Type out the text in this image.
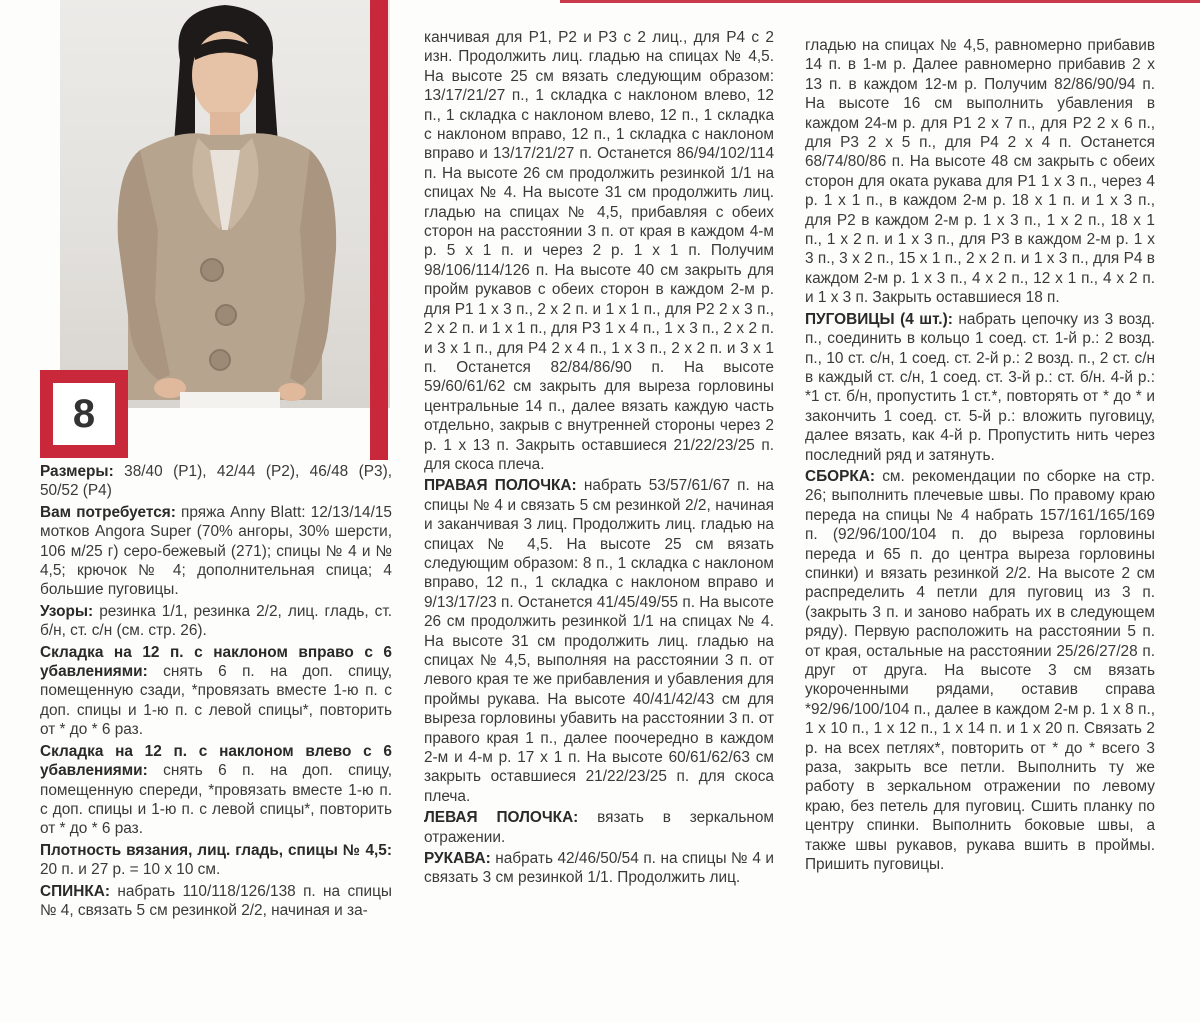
8

Размеры: 38/40 (Р1), 42/44 (Р2), 46/48 (Р3), 50/52 (Р4)

Вам потребуется: пряжа Anny Blatt: 12/13/14/15 мотков Angora Super (70% ангоры, 30% шерсти, 106 м/25 г) серо-бежевый (271); спицы № 4 и № 4,5; крючок № 4; дополнительная спица; 4 большие пуговицы.

Узоры: резинка 1/1, резинка 2/2, лиц. гладь, ст. б/н, ст. с/н (см. стр. 26).

Складка на 12 п. с наклоном вправо с 6 убавлениями: снять 6 п. на доп. спицу, помещенную сзади, *провязать вместе 1-ю п. с доп. спицы и 1-ю п. с левой спицы*, повторить от * до * 6 раз.

Складка на 12 п. с наклоном влево с 6 убавлениями: снять 6 п. на доп. спицу, помещенную спереди, *провязать вместе 1-ю п. с доп. спицы и 1-ю п. с левой спицы*, повторить от * до * 6 раз.

Плотность вязания, лиц. гладь, спицы № 4,5: 20 п. и 27 р. = 10 х 10 см.

СПИНКА: набрать 110/118/126/138 п. на спицы № 4, связать 5 см резинкой 2/2, начиная и за-

канчивая для Р1, Р2 и Р3 с 2 лиц., для Р4 с 2 изн. Продолжить лиц. гладью на спицах № 4,5. На высоте 25 см вязать следующим образом: 13/17/21/27 п., 1 складка с наклоном влево, 12 п., 1 складка с наклоном влево, 12 п., 1 складка с наклоном вправо, 12 п., 1 складка с наклоном вправо и 13/17/21/27 п. Останется 86/94/102/114 п. На высоте 26 см продолжить резинкой 1/1 на спицах № 4. На высоте 31 см продолжить лиц. гладью на спицах № 4,5, прибавляя с обеих сторон на расстоянии 3 п. от края в каждом 4-м р. 5 х 1 п. и через 2 р. 1 х 1 п. Получим 98/106/114/126 п. На высоте 40 см закрыть для пройм рукавов с обеих сторон в каждом 2-м р. для Р1 1 х 3 п., 2 х 2 п. и 1 х 1 п., для Р2 2 х 3 п., 2 х 2 п. и 1 х 1 п., для Р3 1 х 4 п., 1 х 3 п., 2 х 2 п. и 3 х 1 п., для Р4 2 х 4 п., 1 х 3 п., 2 х 2 п. и 3 х 1 п. Останется 82/84/86/90 п. На высоте 59/60/61/62 см закрыть для выреза горловины центральные 14 п., далее вязать каждую часть отдельно, закрыв с внутренней стороны через 2 р. 1 х 13 п. Закрыть оставшиеся 21/22/23/25 п. для скоса плеча.

ПРАВАЯ ПОЛОЧКА: набрать 53/57/61/67 п. на спицы № 4 и связать 5 см резинкой 2/2, начиная и заканчивая 3 лиц. Продолжить лиц. гладью на спицах № 4,5. На высоте 25 см вязать следующим образом: 8 п., 1 складка с наклоном вправо, 12 п., 1 складка с наклоном вправо и 9/13/17/23 п. Останется 41/45/49/55 п. На высоте 26 см продолжить резинкой 1/1 на спицах № 4. На высоте 31 см продолжить лиц. гладью на спицах № 4,5, выполняя на расстоянии 3 п. от левого края те же прибавления и убавления для проймы рукава. На высоте 40/41/42/43 см для выреза горловины убавить на расстоянии 3 п. от правого края 1 п., далее поочередно в каждом 2-м и 4-м р. 17 х 1 п. На высоте 60/61/62/63 см закрыть оставшиеся 21/22/23/25 п. для скоса плеча.

ЛЕВАЯ ПОЛОЧКА: вязать в зеркальном отражении.

РУКАВА: набрать 42/46/50/54 п. на спицы № 4 и связать 3 см резинкой 1/1. Продолжить лиц.

гладью на спицах № 4,5, равномерно прибавив 14 п. в 1-м р. Далее равномерно прибавив 2 х 13 п. в каждом 12-м р. Получим 82/86/90/94 п. На высоте 16 см выполнить убавления в каждом 24-м р. для Р1 2 х 7 п., для Р2 2 х 6 п., для Р3 2 х 5 п., для Р4 2 х 4 п. Останется 68/74/80/86 п. На высоте 48 см закрыть с обеих сторон для оката рукава для Р1 1 х 3 п., через 4 р. 1 х 1 п., в каждом 2-м р. 18 х 1 п. и 1 х 3 п., для Р2 в каждом 2-м р. 1 х 3 п., 1 х 2 п., 18 х 1 п., 1 х 2 п. и 1 х 3 п., для Р3 в каждом 2-м р. 1 х 3 п., 3 х 2 п., 15 х 1 п., 2 х 2 п. и 1 х 3 п., для Р4 в каждом 2-м р. 1 х 3 п., 4 х 2 п., 12 х 1 п., 4 х 2 п. и 1 х 3 п. Закрыть оставшиеся 18 п.

ПУГОВИЦЫ (4 шт.): набрать цепочку из 3 возд. п., соединить в кольцо 1 соед. ст. 1-й р.: 2 возд. п., 10 ст. с/н, 1 соед. ст. 2-й р.: 2 возд. п., 2 ст. с/н в каждый ст. с/н, 1 соед. ст. 3-й р.: ст. б/н. 4-й р.: *1 ст. б/н, пропустить 1 ст.*, повторять от * до * и закончить 1 соед. ст. 5-й р.: вложить пуговицу, далее вязать, как 4-й р. Пропустить нить через последний ряд и затянуть.

СБОРКА: см. рекомендации по сборке на стр. 26; выполнить плечевые швы. По правому краю переда на спицы № 4 набрать 157/161/165/169 п. (92/96/100/104 п. до выреза горловины переда и 65 п. до центра выреза горловины спинки) и вязать резинкой 2/2. На высоте 2 см распределить 4 петли для пуговиц из 3 п. (закрыть 3 п. и заново набрать их в следующем ряду). Первую расположить на расстоянии 5 п. от края, остальные на расстоянии 25/26/27/28 п. друг от друга. На высоте 3 см вязать укороченными рядами, оставив справа *92/96/100/104 п., далее в каждом 2-м р. 1 х 8 п., 1 х 10 п., 1 х 12 п., 1 х 14 п. и 1 х 20 п. Связать 2 р. на всех петлях*, повторить от * до * всего 3 раза, закрыть все петли. Выполнить ту же работу в зеркальном отражении по левому краю, без петель для пуговиц. Сшить планку по центру спинки. Выполнить боковые швы, а также швы рукавов, рукава вшить в проймы. Пришить пуговицы.
